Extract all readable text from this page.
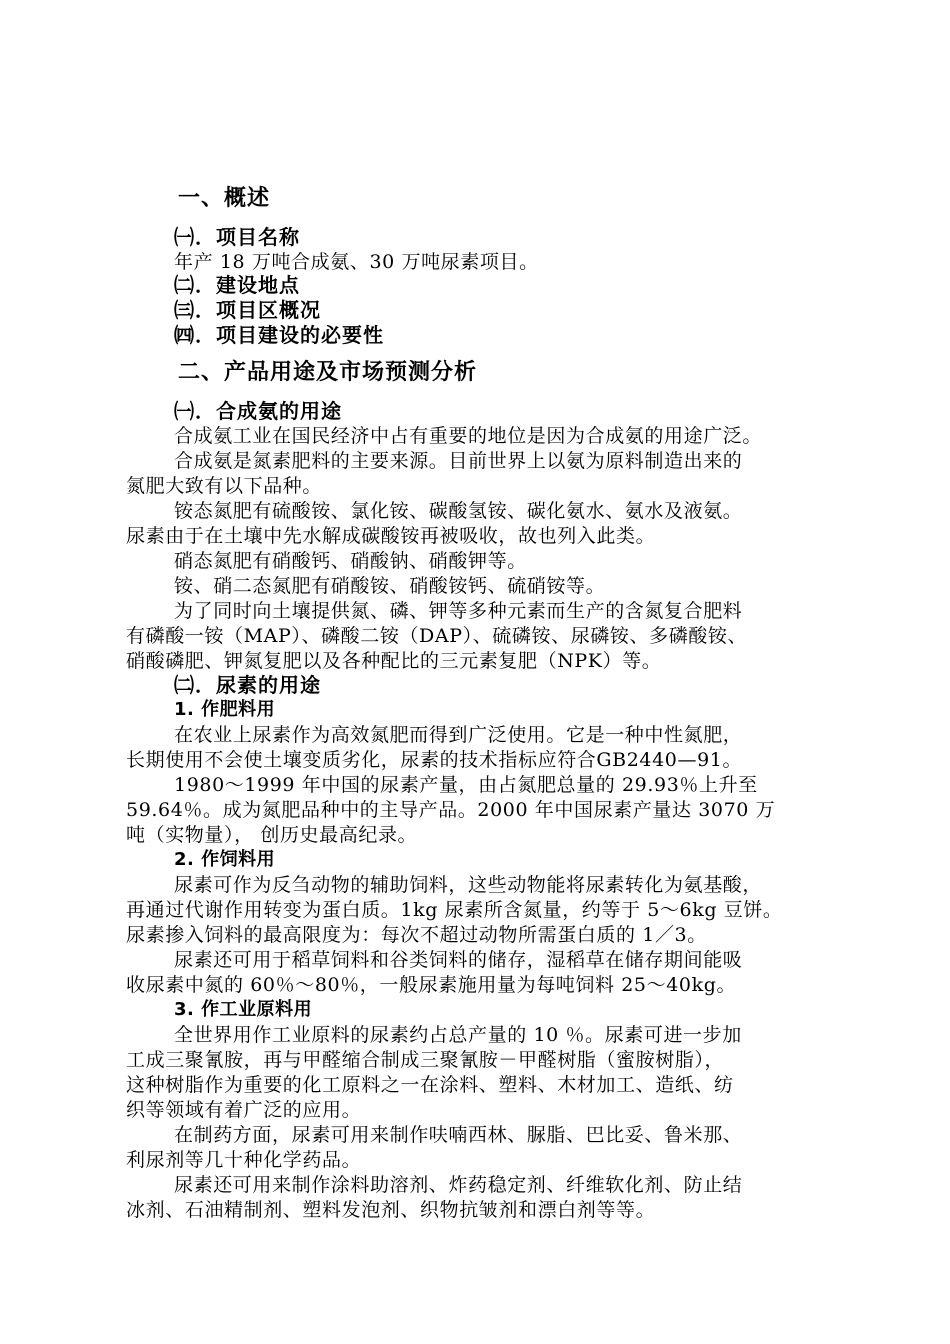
一、概述
㈠．项目名称
年产 18 万吨合成氨、30 万吨尿素项目。
㈡．建设地点
㈢．项目区概况
㈣．项目建设的必要性
二、产品用途及市场预测分析
㈠．合成氨的用途
合成氨工业在国民经济中占有重要的地位是因为合成氨的用途广泛。
合成氨是氮素肥料的主要来源。目前世界上以氨为原料制造出来的
氮肥大致有以下品种。
铵态氮肥有硫酸铵、氯化铵、碳酸氢铵、碳化氨水、氨水及液氨。
尿素由于在土壤中先水解成碳酸铵再被吸收，故也列入此类。
硝态氮肥有硝酸钙、硝酸钠、硝酸钾等。
铵、硝二态氮肥有硝酸铵、硝酸铵钙、硫硝铵等。
为了同时向土壤提供氮、磷、钾等多种元素而生产的含氮复合肥料
有磷酸一铵（MAP）、磷酸二铵（DAP）、硫磷铵、尿磷铵、多磷酸铵、
硝酸磷肥、钾氮复肥以及各种配比的三元素复肥（NPK）等。
㈡．尿素的用途
1. 作肥料用
在农业上尿素作为高效氮肥而得到广泛使用。它是一种中性氮肥，
长期使用不会使土壤变质劣化，尿素的技术指标应符合GB2440—91。
1980～1999 年中国的尿素产量，由占氮肥总量的 29.93％上升至
59.64％。成为氮肥品种中的主导产品。2000 年中国尿素产量达 3070 万
吨（实物量）， 创历史最高纪录。
2. 作饲料用
尿素可作为反刍动物的辅助饲料，这些动物能将尿素转化为氨基酸，
再通过代谢作用转变为蛋白质。1kg 尿素所含氮量，约等于 5～6kg 豆饼。
尿素掺入饲料的最高限度为：每次不超过动物所需蛋白质的 1／3。
尿素还可用于稻草饲料和谷类饲料的储存，湿稻草在储存期间能吸
收尿素中氮的 60％～80％，一般尿素施用量为每吨饲料 25～40kg。
3. 作工业原料用
全世界用作工业原料的尿素约占总产量的 10 ％。尿素可进一步加
工成三聚氰胺，再与甲醛缩合制成三聚氰胺－甲醛树脂（蜜胺树脂），
这种树脂作为重要的化工原料之一在涂料、塑料、木材加工、造纸、纺
织等领域有着广泛的应用。
在制药方面，尿素可用来制作呋喃西林、脲脂、巴比妥、鲁米那、
利尿剂等几十种化学药品。
尿素还可用来制作涂料助溶剂、炸药稳定剂、纤维软化剂、防止结
冰剂、石油精制剂、塑料发泡剂、织物抗皱剂和漂白剂等等。
